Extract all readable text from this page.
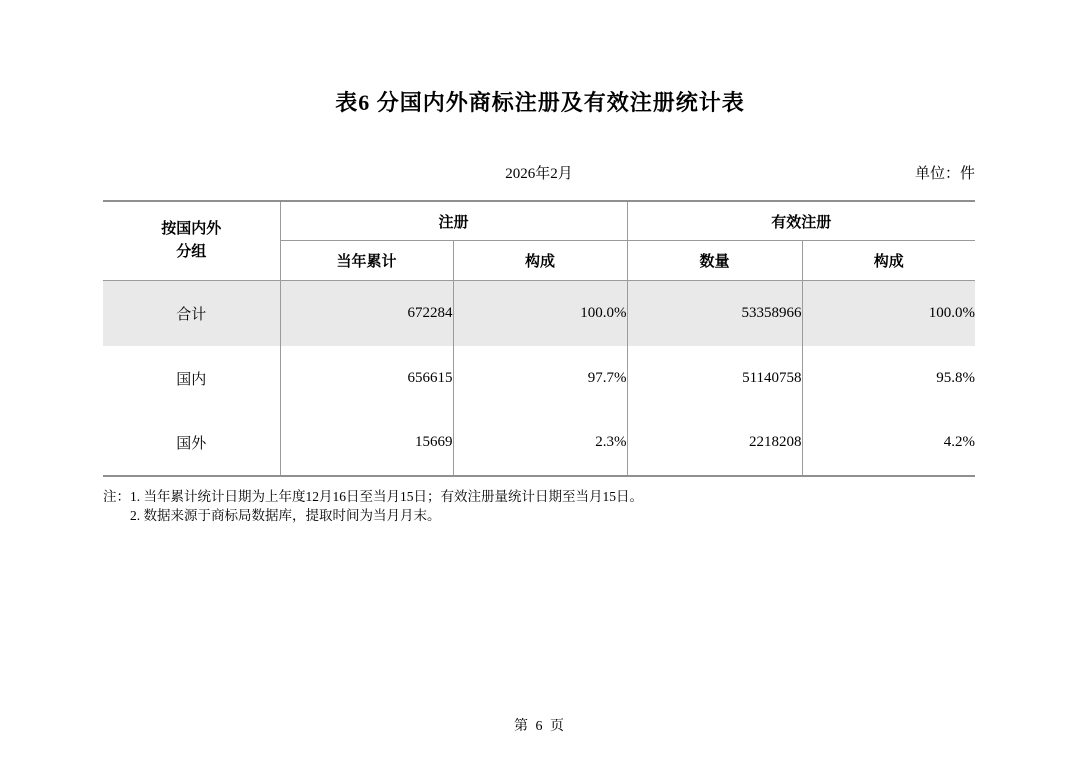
表6 分国内外商标注册及有效注册统计表
2026年2月	单位：件
按国内外
分组	注册		有效注册	
	当年累计	构成	数量	构成
合计	672284	100.0%	53358966	100.0%
国内	656615	97.7%	51140758	95.8%
国外	15669	2.3%	2218208	4.2%
注： 1. 当年累计统计日期为上年度12月16日至当月15日；有效注册量统计日期至当月15日。
2. 数据来源于商标局数据库，提取时间为当月月末。
第 6 页
